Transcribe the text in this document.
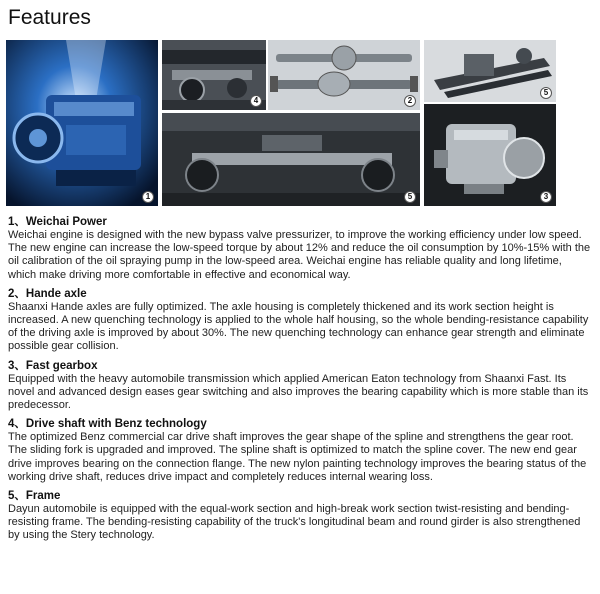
Features
1
4	2
5
5	3
1、Weichai Power
Weichai engine is designed with the new bypass valve pressurizer, to improve the working efficiency under low speed. The new engine can increase the low-speed torque by about 12% and reduce the oil consumption by 10%-15% with the oil calibration of the oil spraying pump in the low-speed area. Weichai engine has reliable quality and long lifetime, which make driving more comfortable in effective and economical way.
2、Hande axle
Shaanxi Hande axles are fully optimized. The axle housing is completely thickened and its work section height is increased. A new quenching technology is applied to the whole half housing, so the whole bending-resistance capability of the driving axle is improved by about 30%. The new quenching technology can enhance gear strength and eliminate possible gear collision.
3、Fast gearbox
Equipped with the heavy automobile transmission which applied American Eaton technology from Shaanxi Fast. Its novel and advanced design eases gear switching and also improves the bearing capability which is more stable than its predecessor.
4、Drive shaft with Benz technology
The optimized Benz commercial car drive shaft improves the gear shape of the spline and strengthens the gear root. The sliding fork is upgraded and improved. The spline shaft is optimized to match the spline cover. The new end gear drive improves bearing on the connection flange. The new nylon painting technology improves the bearing status of the working drive shaft, reduces drive impact and completely reduces internal wearing loss.
5、Frame
Dayun automobile is equipped with the equal-work section and high-break work section twist-resisting and bending-resisting frame. The bending-resisting capability of the truck's longitudinal beam and round girder is also strengthened by using the Stery technology.
